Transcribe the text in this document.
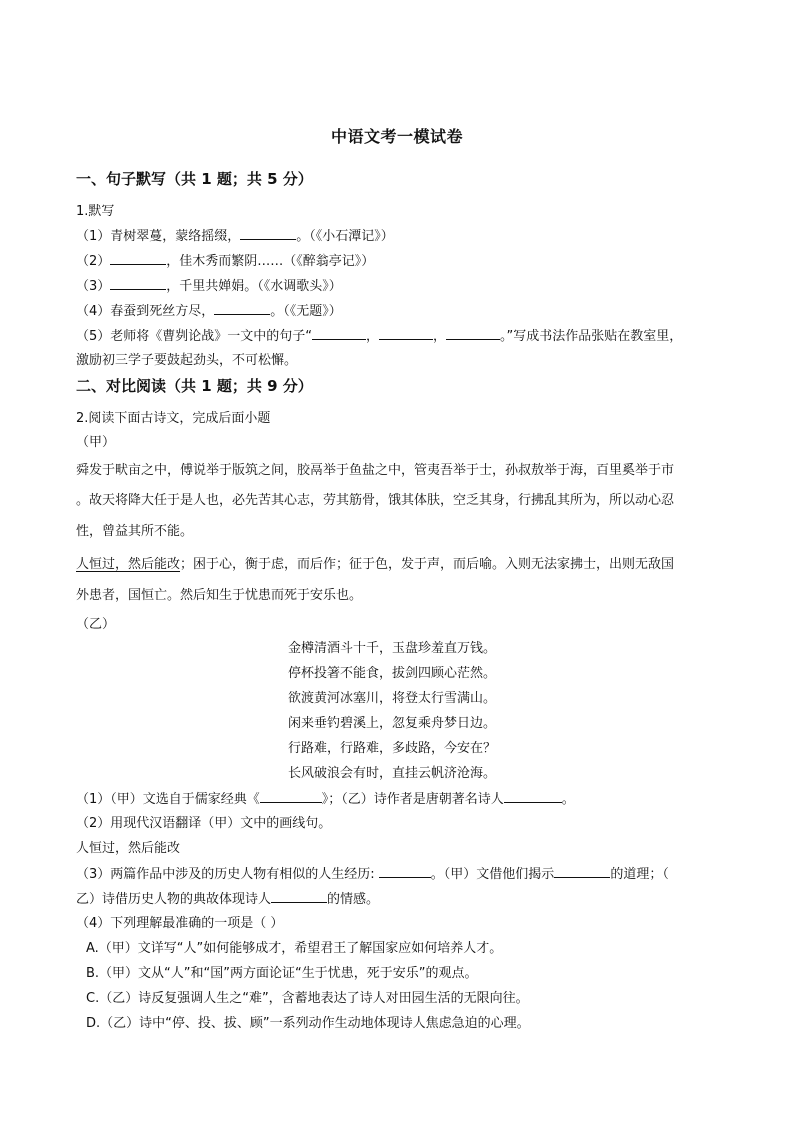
中语文考一模试卷
一、句子默写（共 1 题；共 5 分）
1.默写
（1）青树翠蔓，蒙络摇缀，	。（《小石潭记》）
（2）	，佳木秀而繁阴……（《醉翁亭记》）
（3）	，千里共婵娟。（《水调歌头》）
（4）春蚕到死丝方尽，	。（《无题》）
（5）老师将《曹刿论战》一文中的句子“	，	，	。”写成书法作品张贴在教室里，
激励初三学子要鼓起劲头，不可松懈。
二、对比阅读（共 1 题；共 9 分）
2.阅读下面古诗文，完成后面小题
（甲）
舜发于畎亩之中，傅说举于版筑之间，胶鬲举于鱼盐之中，管夷吾举于士，孙叔敖举于海，百里奚举于市
。故天将降大任于是人也，必先苦其心志，劳其筋骨，饿其体肤，空乏其身，行拂乱其所为，所以动心忍
性，曾益其所不能。
人恒过，然后能改；困于心，衡于虑，而后作；征于色，发于声，而后喻。入则无法家拂士，出则无敌国
外患者，国恒亡。然后知生于忧患而死于安乐也。
（乙）
金樽清酒斗十千，玉盘珍羞直万钱。
停杯投箸不能食，拔剑四顾心茫然。
欲渡黄河冰塞川，将登太行雪满山。
闲来垂钓碧溪上，忽复乘舟梦日边。
行路难，行路难，多歧路，今安在？
长风破浪会有时，直挂云帆济沧海。
（1）（甲）文选自于儒家经典《	》；（乙）诗作者是唐朝著名诗人	。
（2）用现代汉语翻译（甲）文中的画线句。
人恒过，然后能改
（3）两篇作品中涉及的历史人物有相似的人生经历:	。（甲）文借他们揭示	的道理；（
乙）诗借历史人物的典故体现诗人	的情感。
（4）下列理解最准确的一项是（ ）
A.（甲）文详写“人”如何能够成才，希望君王了解国家应如何培养人才。
B.（甲）文从“人”和“国”两方面论证“生于忧患，死于安乐”的观点。
C.（乙）诗反复强调人生之“难”，含蓄地表达了诗人对田园生活的无限向往。
D.（乙）诗中“停、投、拔、顾”一系列动作生动地体现诗人焦虑急迫的心理。
